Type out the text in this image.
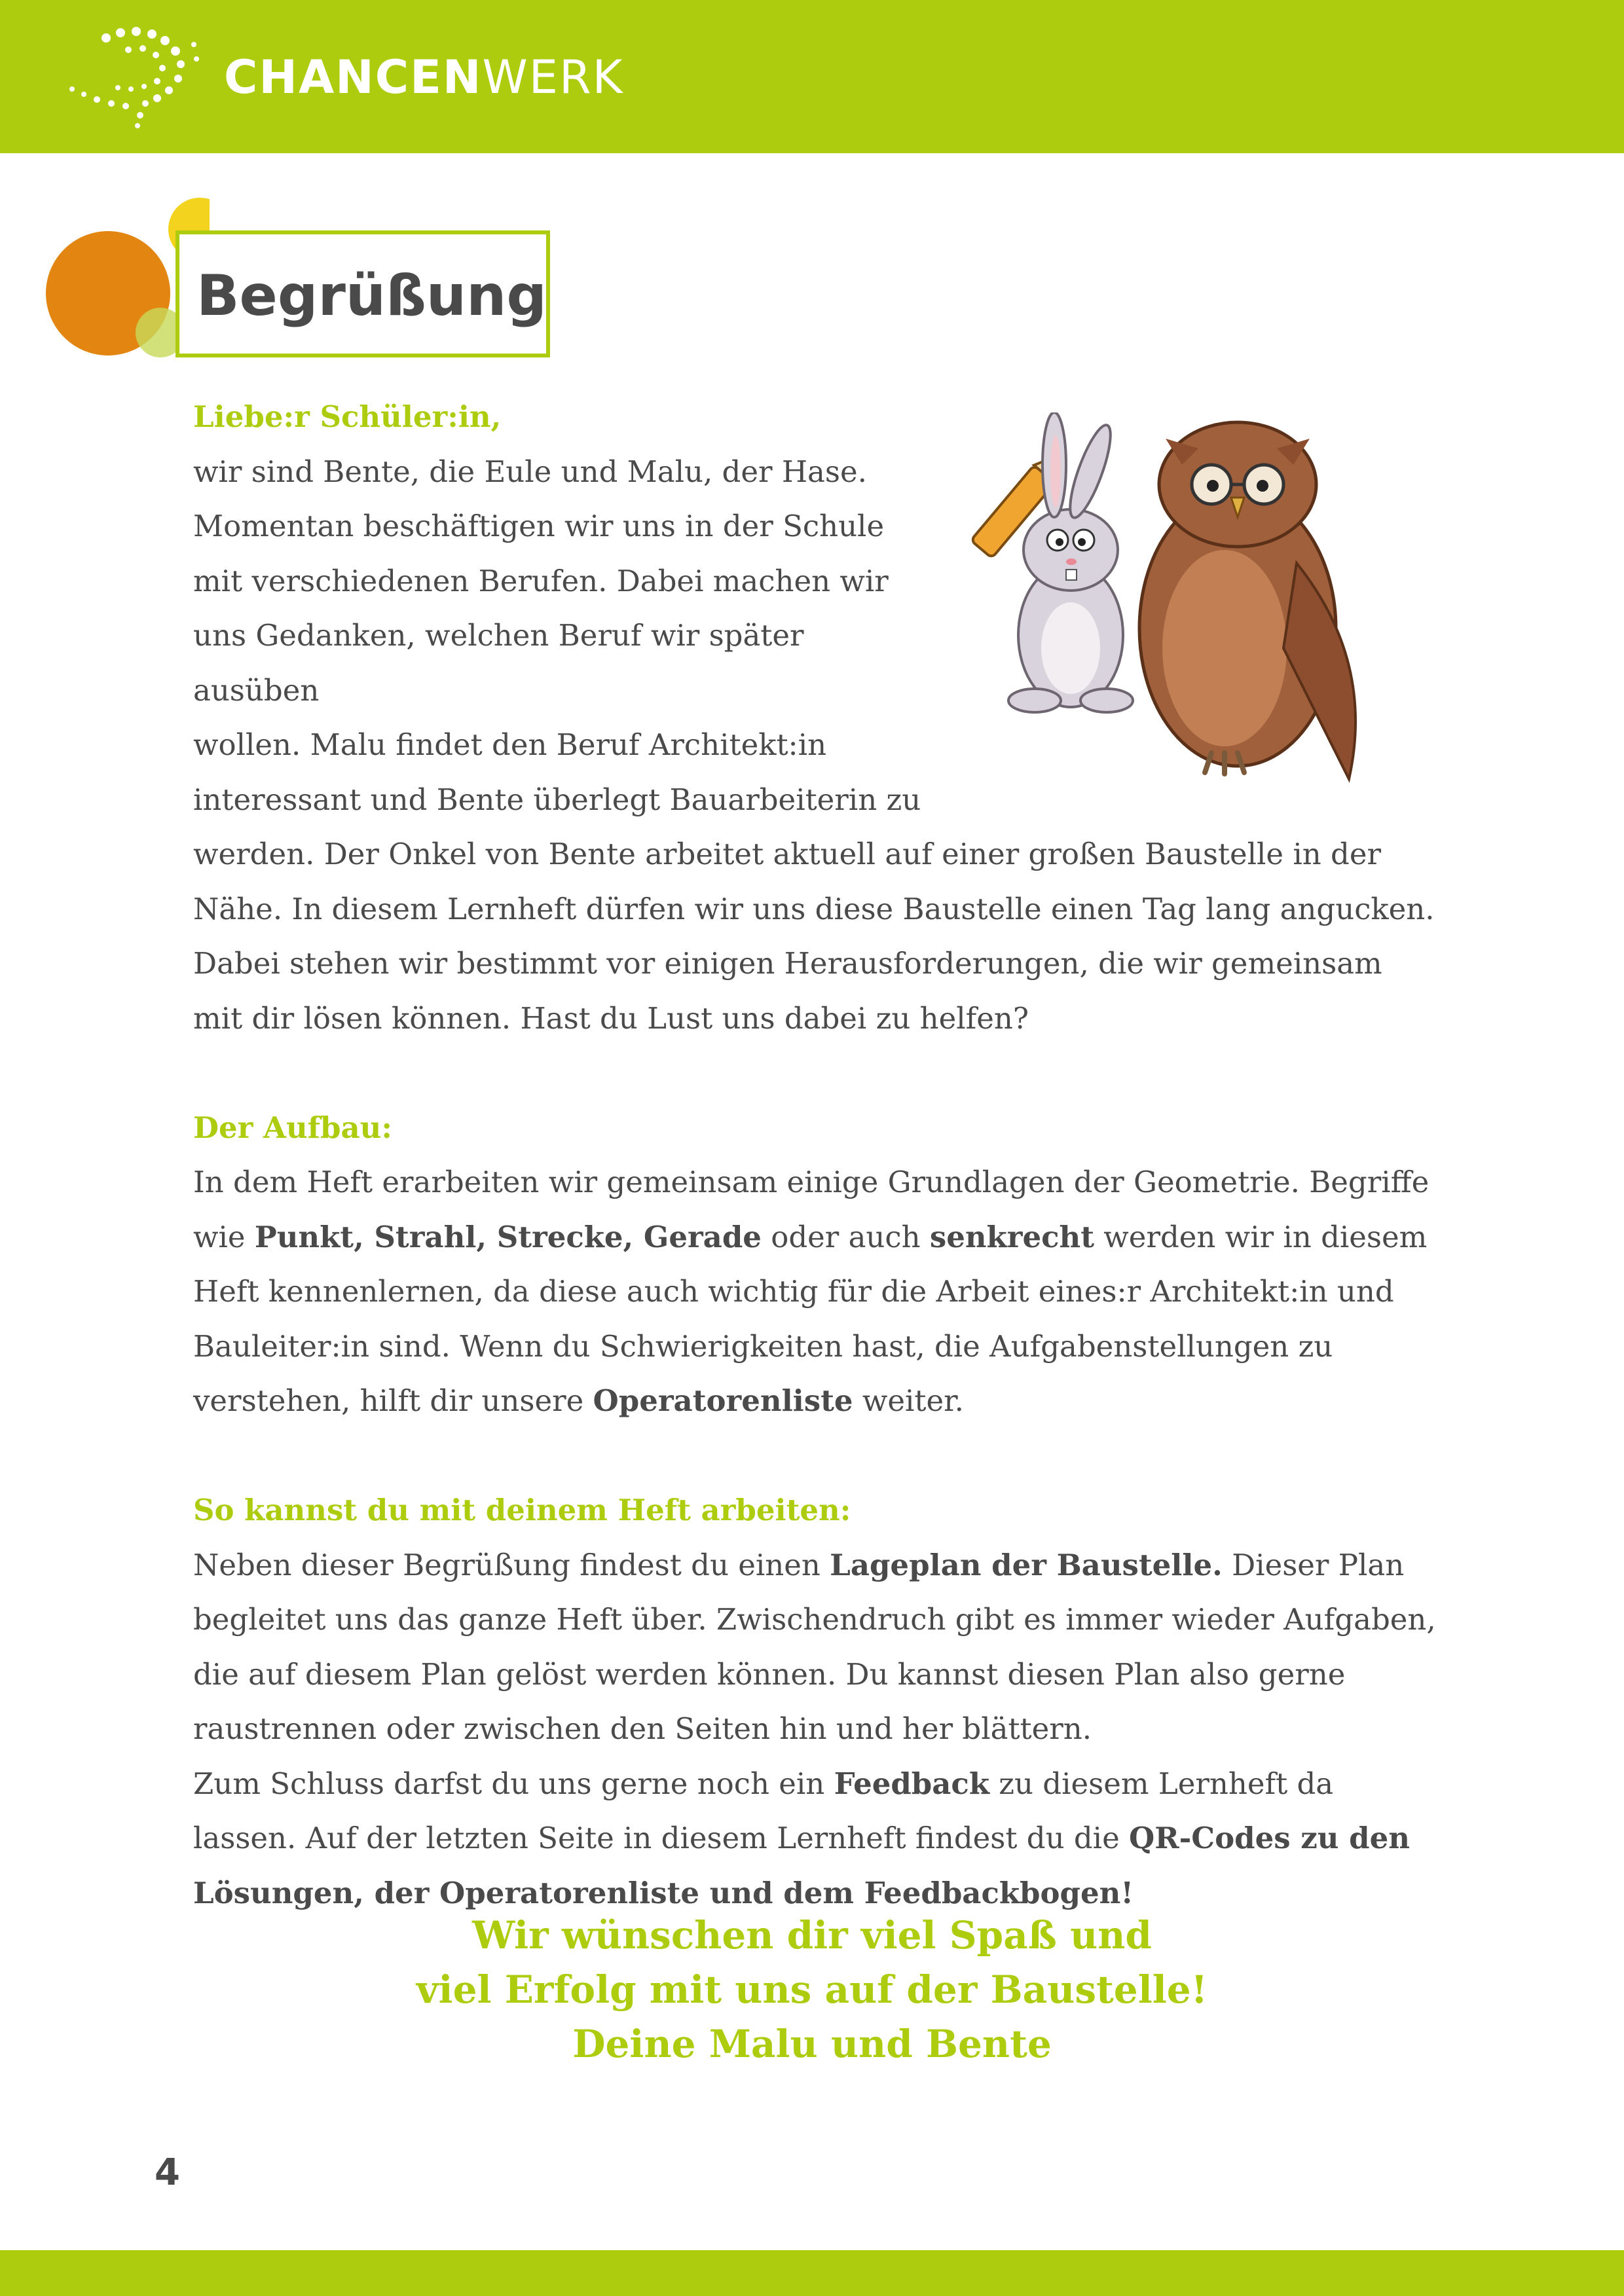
CHANCENWERK
Begrüßung

Liebe:r Schüler:in,

wir sind Bente, die Eule und Malu, der Hase.

Momentan beschäftigen wir uns in der Schule

mit verschiedenen Berufen. Dabei machen wir

uns Gedanken, welchen Beruf wir später ausüben

wollen. Malu findet den Beruf Architekt:in

interessant und Bente überlegt Bauarbeiterin zu

werden. Der Onkel von Bente arbeitet aktuell auf einer großen Baustelle in der Nähe. In diesem Lernheft dürfen wir uns diese Baustelle einen Tag lang angucken. Dabei stehen wir bestimmt vor einigen Herausforderungen, die wir gemeinsam mit dir lösen können. Hast du Lust uns dabei zu helfen?

Der Aufbau:

In dem Heft erarbeiten wir gemeinsam einige Grundlagen der Geometrie. Begriffe wie Punkt, Strahl, Strecke, Gerade oder auch senkrecht werden wir in diesem Heft kennenlernen, da diese auch wichtig für die Arbeit eines:r Architekt:in und Bauleiter:in sind. Wenn du Schwierigkeiten hast, die Aufgabenstellungen zu verstehen, hilft dir unsere Operatorenliste weiter.

So kannst du mit deinem Heft arbeiten:

Neben dieser Begrüßung findest du einen Lageplan der Baustelle. Dieser Plan begleitet uns das ganze Heft über. Zwischendruch gibt es immer wieder Aufgaben, die auf diesem Plan gelöst werden können. Du kannst diesen Plan also gerne raustrennen oder zwischen den Seiten hin und her blättern.

Zum Schluss darfst du uns gerne noch ein Feedback zu diesem Lernheft da lassen. Auf der letzten Seite in diesem Lernheft findest du die QR-Codes zu den Lösungen, der Operatorenliste und dem Feedbackbogen!

Wir wünschen dir viel Spaß und
viel Erfolg mit uns auf der Baustelle!
Deine Malu und Bente
4
